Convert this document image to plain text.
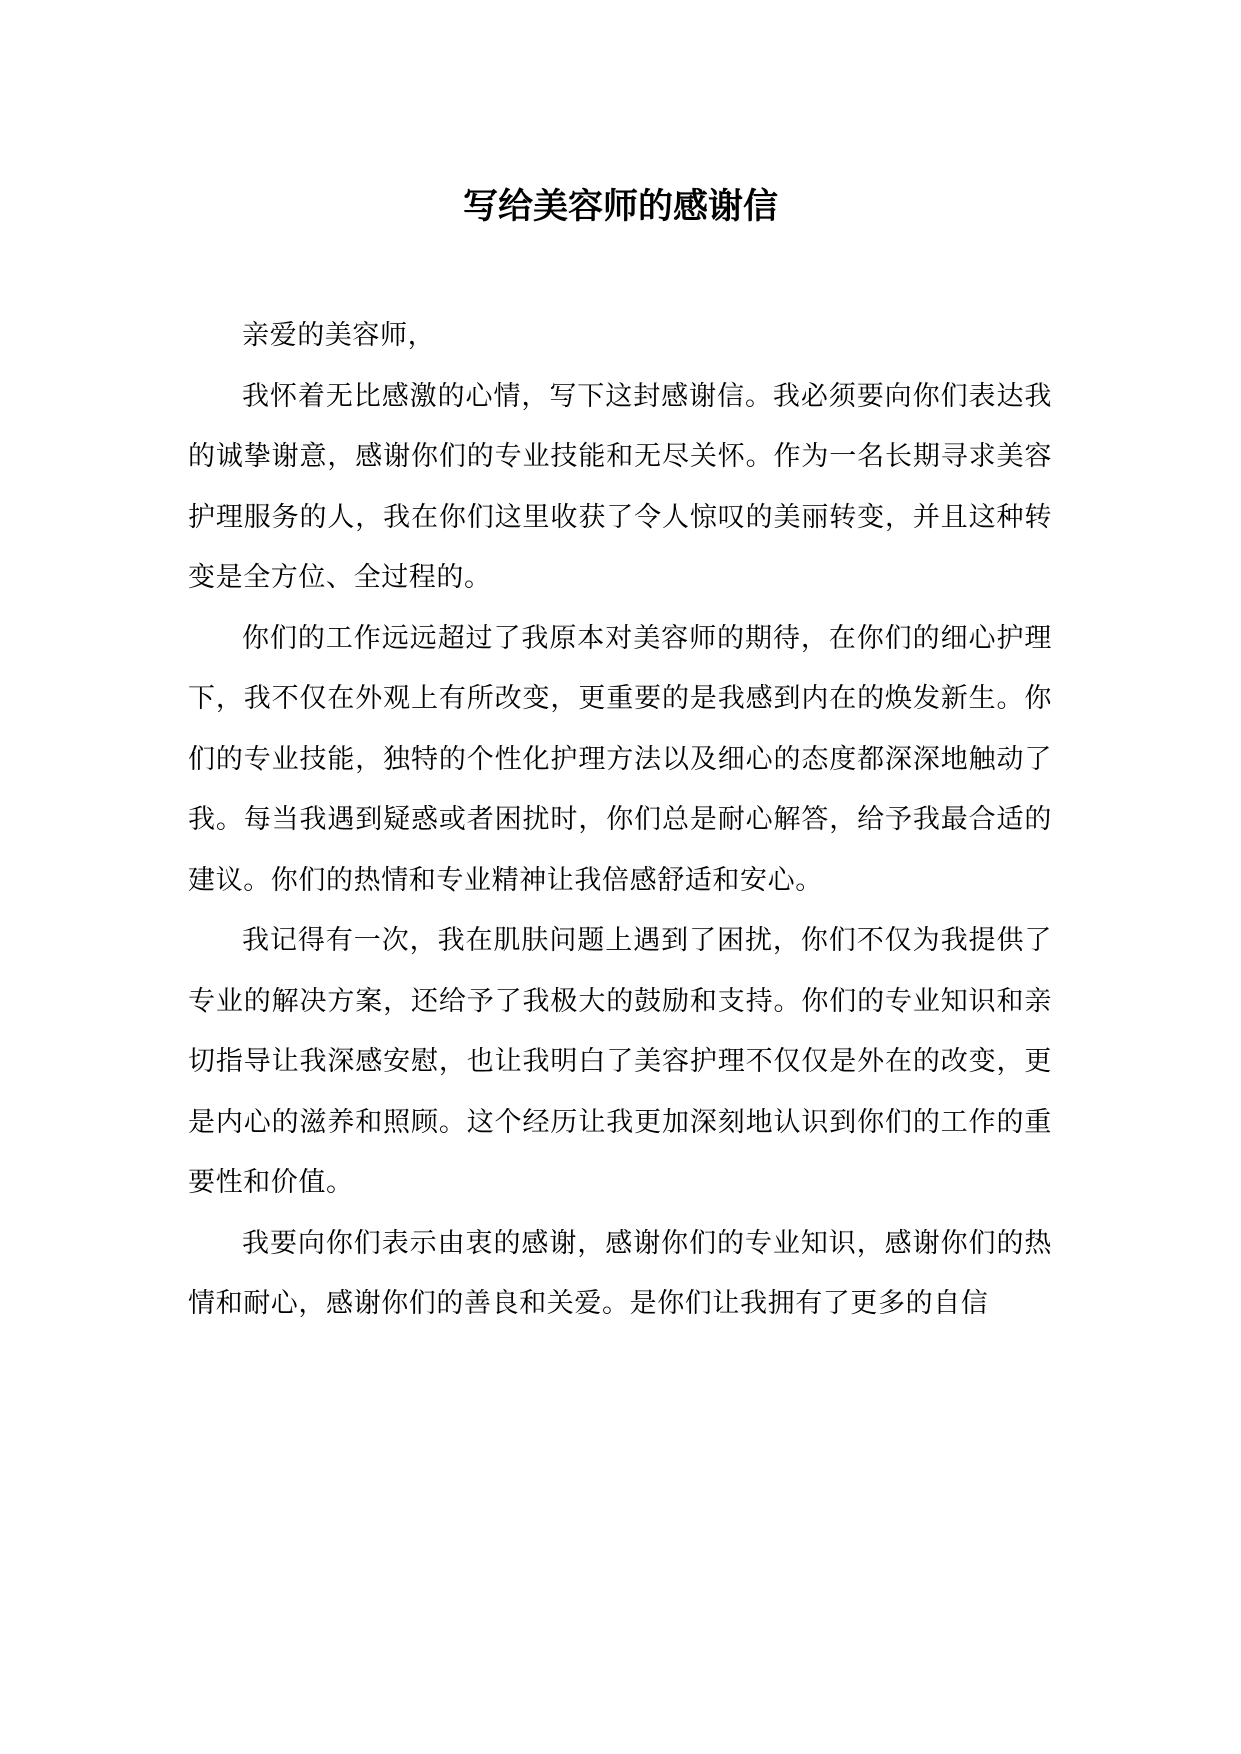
写给美容师的感谢信

亲爱的美容师，

我怀着无比感激的心情，写下这封感谢信。我必须要向你们表达我的诚挚谢意，感谢你们的专业技能和无尽关怀。作为一名长期寻求美容护理服务的人，我在你们这里收获了令人惊叹的美丽转变，并且这种转变是全方位、全过程的。

你们的工作远远超过了我原本对美容师的期待，在你们的细心护理下，我不仅在外观上有所改变，更重要的是我感到内在的焕发新生。你们的专业技能，独特的个性化护理方法以及细心的态度都深深地触动了我。每当我遇到疑惑或者困扰时，你们总是耐心解答，给予我最合适的建议。你们的热情和专业精神让我倍感舒适和安心。

我记得有一次，我在肌肤问题上遇到了困扰，你们不仅为我提供了专业的解决方案，还给予了我极大的鼓励和支持。你们的专业知识和亲切指导让我深感安慰，也让我明白了美容护理不仅仅是外在的改变，更是内心的滋养和照顾。这个经历让我更加深刻地认识到你们的工作的重要性和价值。

我要向你们表示由衷的感谢，感谢你们的专业知识，感谢你们的热情和耐心，感谢你们的善良和关爱。是你们让我拥有了更多的自信
